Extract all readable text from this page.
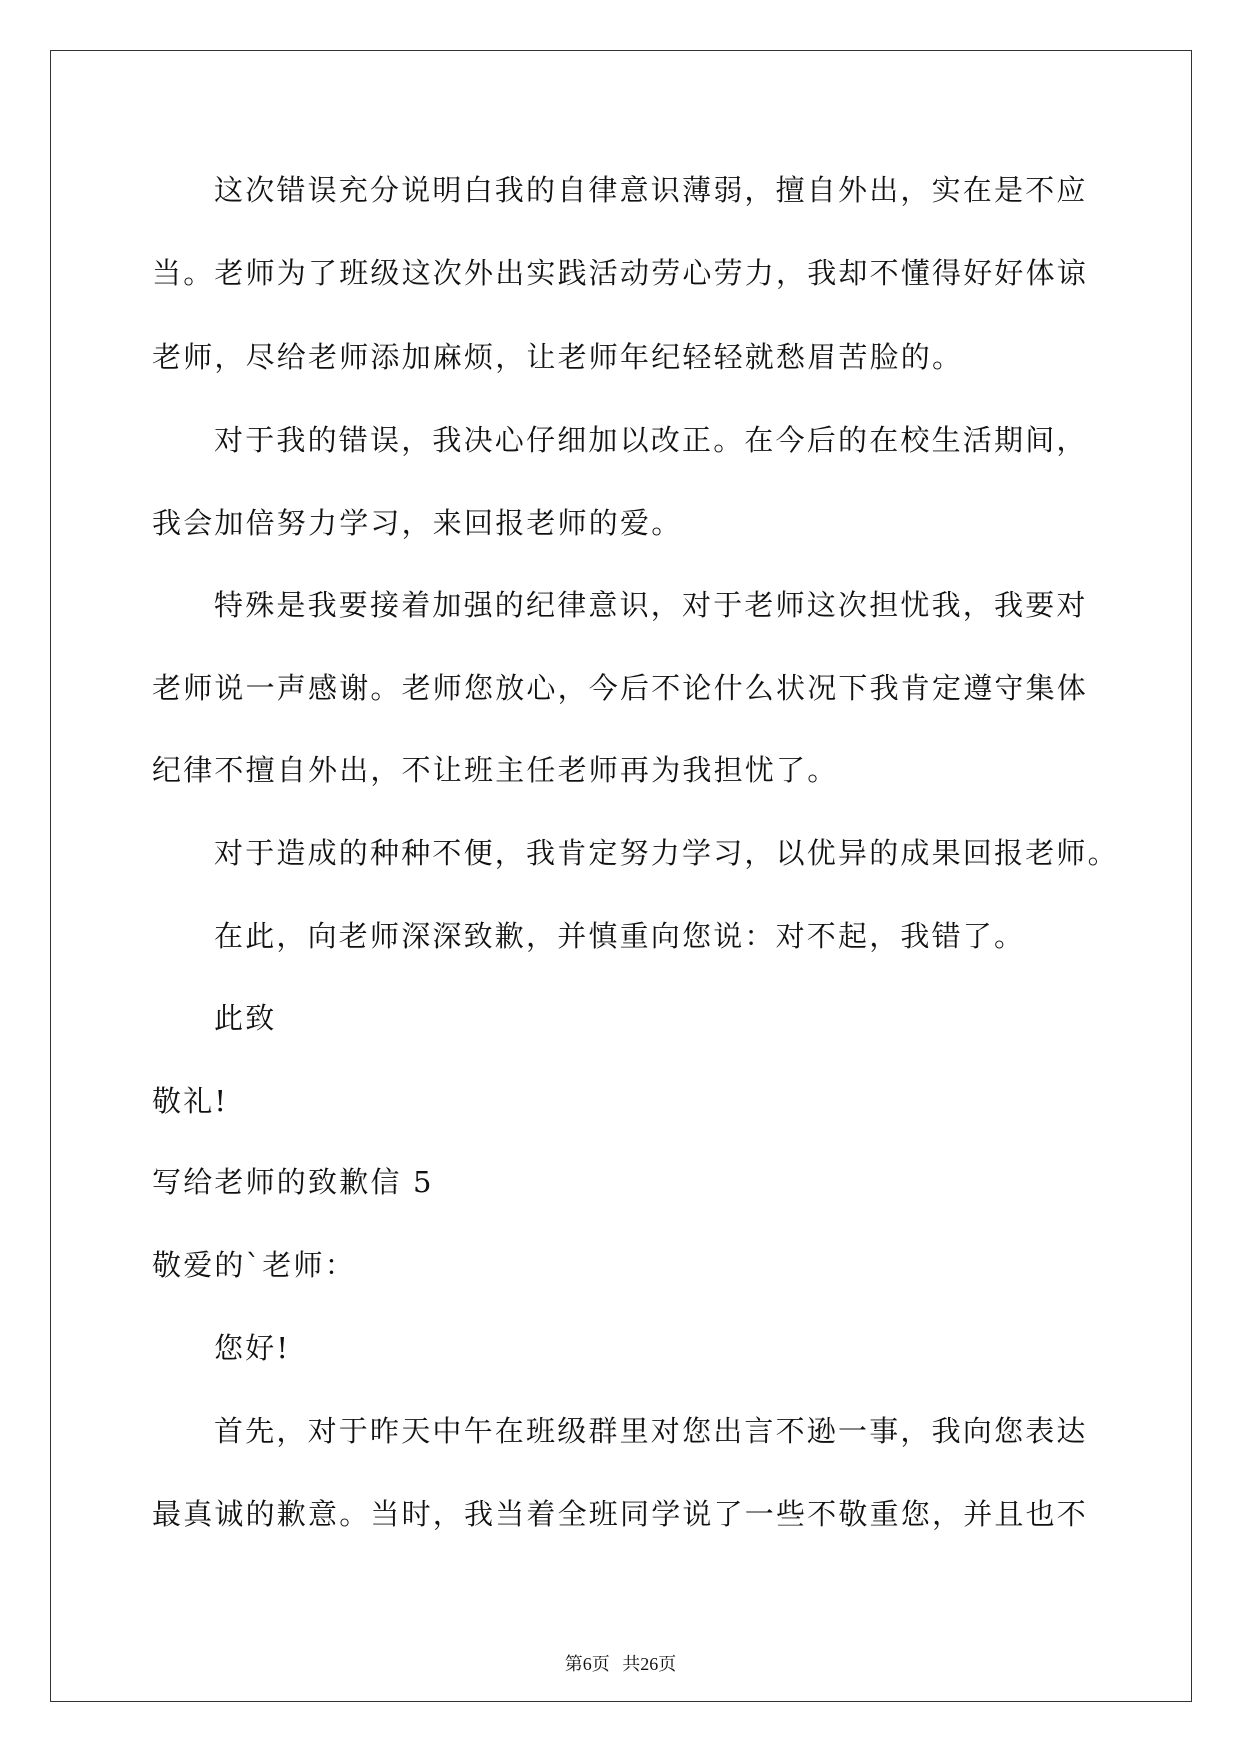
这次错误充分说明白我的自律意识薄弱，擅自外出，实在是不应
当。老师为了班级这次外出实践活动劳心劳力，我却不懂得好好体谅
老师，尽给老师添加麻烦，让老师年纪轻轻就愁眉苦脸的。
对于我的错误，我决心仔细加以改正。在今后的在校生活期间，
我会加倍努力学习，来回报老师的爱。
特殊是我要接着加强的纪律意识，对于老师这次担忧我，我要对
老师说一声感谢。老师您放心，今后不论什么状况下我肯定遵守集体
纪律不擅自外出，不让班主任老师再为我担忧了。
对于造成的种种不便，我肯定努力学习，以优异的成果回报老师。
在此，向老师深深致歉，并慎重向您说：对不起，我错了。
此致
敬礼!
写给老师的致歉信 5
敬爱的`老师：
您好!
首先，对于昨天中午在班级群里对您出言不逊一事，我向您表达
最真诚的歉意。当时，我当着全班同学说了一些不敬重您，并且也不
第6页 共26页
